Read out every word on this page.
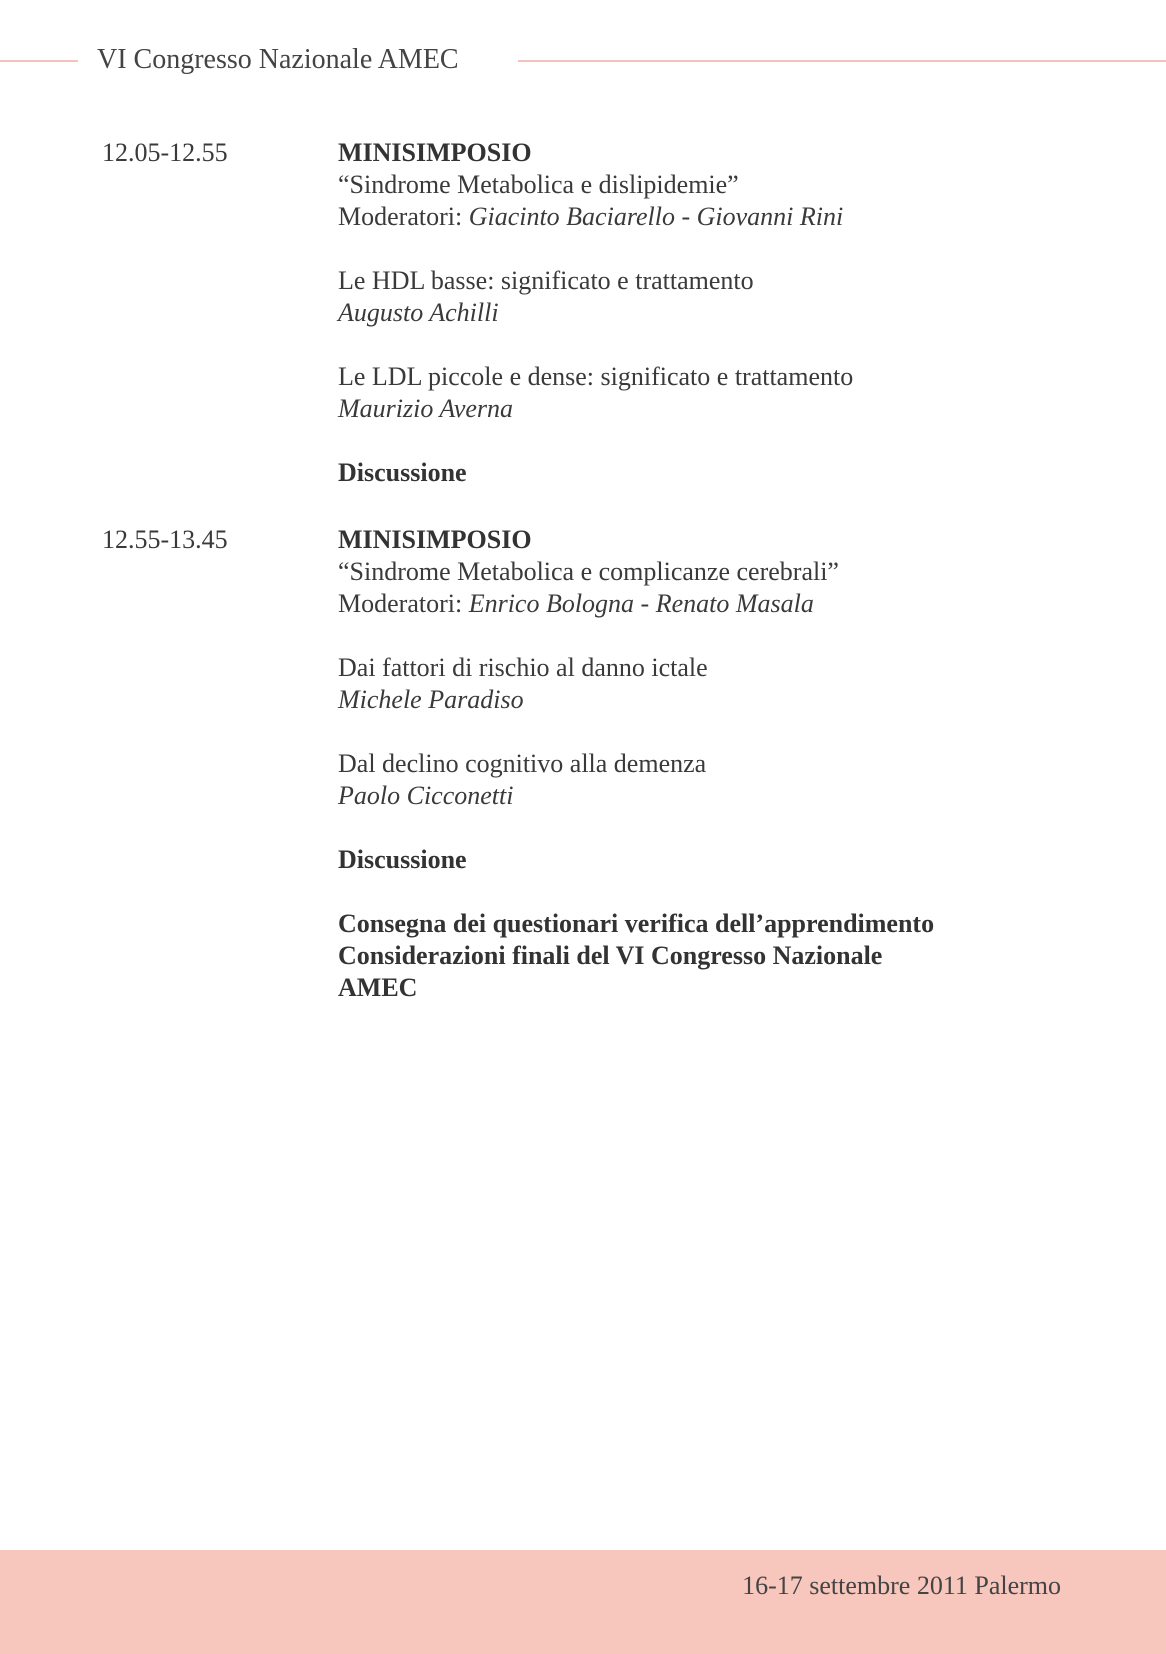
VI Congresso Nazionale AMEC
12.05-12.55	MINISIMPOSIO
“Sindrome Metabolica e dislipidemie”
Moderatori: Giacinto Baciarello - Giovanni Rini
Le HDL basse: significato e trattamento
Augusto Achilli
Le LDL piccole e dense: significato e trattamento
Maurizio Averna
Discussione
12.55-13.45	MINISIMPOSIO
“Sindrome Metabolica e complicanze cerebrali”
Moderatori: Enrico Bologna - Renato Masala
Dai fattori di rischio al danno ictale
Michele Paradiso
Dal declino cognitivo alla demenza
Paolo Cicconetti
Discussione
Consegna dei questionari verifica dell’apprendimento
Considerazioni finali del VI Congresso Nazionale
AMEC
16-17 settembre 2011 Palermo
